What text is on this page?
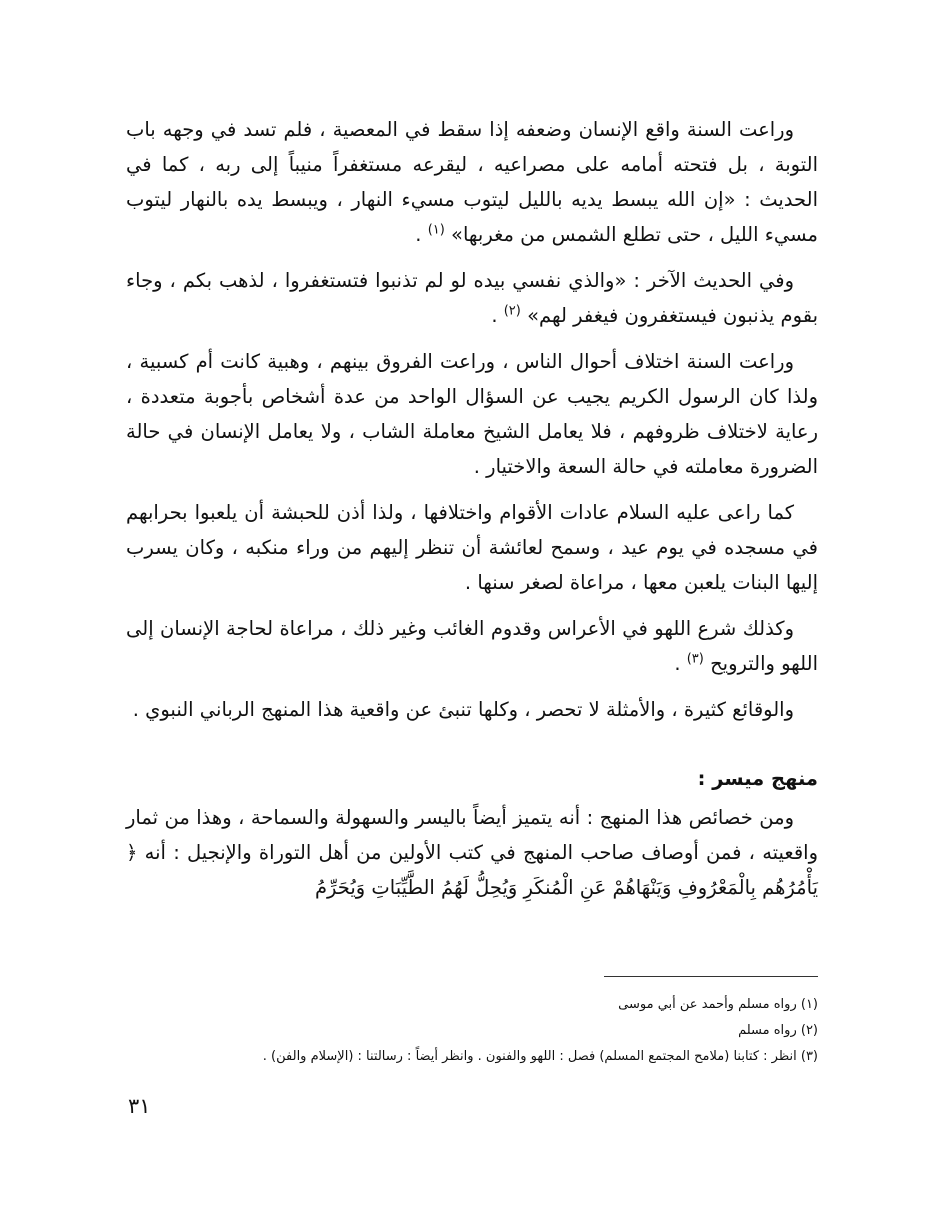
وراعت السنة واقع الإنسان وضعفه إذا سقط في المعصية ، فلم تسد في وجهه باب التوبة ، بل فتحته أمامه على مصراعيه ، ليقرعه مستغفراً منيباً إلى ربه ، كما في الحديث : «إن الله يبسط يديه بالليل ليتوب مسيء النهار ، ويبسط يده بالنهار ليتوب مسيء الليل ، حتى تطلع الشمس من مغربها» $^{(١)}$ .

وفي الحديث الآخر : «والذي نفسي بيده لو لم تذنبوا فتستغفروا ، لذهب بكم ، وجاء بقوم يذنبون فيستغفرون فيغفر لهم» $^{(٢)}$ .

وراعت السنة اختلاف أحوال الناس ، وراعت الفروق بينهم ، وهبية كانت أم كسبية ، ولذا كان الرسول الكريم يجيب عن السؤال الواحد من عدة أشخاص بأجوبة متعددة ، رعاية لاختلاف ظروفهم ، فلا يعامل الشيخ معاملة الشاب ، ولا يعامل الإنسان في حالة الضرورة معاملته في حالة السعة والاختيار .

كما راعى عليه السلام عادات الأقوام واختلافها ، ولذا أذن للحبشة أن يلعبوا بحرابهم في مسجده في يوم عيد ، وسمح لعائشة أن تنظر إليهم من وراء منكبه ، وكان يسرب إليها البنات يلعبن معها ، مراعاة لصغر سنها .

وكذلك شرع اللهو في الأعراس وقدوم الغائب وغير ذلك ، مراعاة لحاجة الإنسان إلى اللهو والترويح $^{(٣)}$ .

والوقائع كثيرة ، والأمثلة لا تحصر ، وكلها تنبئ عن واقعية هذا المنهج الرباني النبوي .

منهج ميسر :

ومن خصائص هذا المنهج : أنه يتميز أيضاً باليسر والسهولة والسماحة ، وهذا من ثمار واقعيته ، فمن أوصاف صاحب المنهج في كتب الأولين من أهل التوراة والإنجيل : أنه ﴿ يَأْمُرُهُم بِالْمَعْرُوفِ وَيَنْهَاهُمْ عَنِ الْمُنكَرِ وَيُحِلُّ لَهُمُ الطَّيِّبَاتِ وَيُحَرِّمُ

(١) رواه مسلم وأحمد عن أبي موسى

(٢) رواه مسلم

(٣) انظر : كتابنا (ملامح المجتمع المسلم) فصل : اللهو والفنون . وانظر أيضاً : رسالتنا : (الإسلام والفن) .

٣١
